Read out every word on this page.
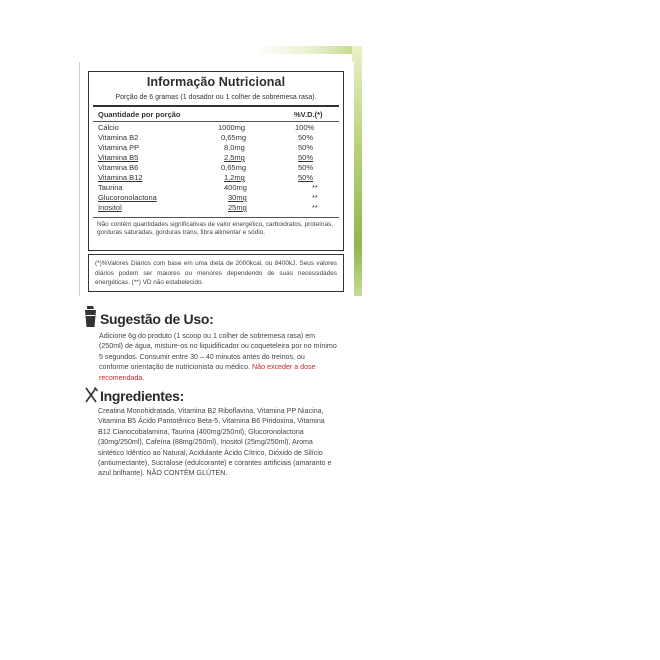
Informação Nutricional
Porção de 6 gramas (1 dosador ou 1 colher de sobremesa rasa).
Quantidade por porção	%V.D.(*)
Cálcio	1000mg	100%
Vitamina B2	0,65mg	50%
Vitamina PP	8,0mg	50%
Vitamina B5	2,5mg	50%
Vitamina B6	0,65mg	50%
Vitamina B12	1,2mg	50%
Taurina	400mg	**
Glucoronolactona	30mg	**
Inositol	25mg	**
Não contém quantidades significativas de valor energético, carboidratos, proteínas, gorduras saturadas, gorduras trans, fibra alimentar e sódio.
(*)%Valores Diários com base em uma dieta de 2000kcal, ou 8400kJ. Seus valores diários podem ser maiores ou menores dependendo de suas necessidades energéticas. (**) VD não estabelecido.
Sugestão de Uso:
Adicione 6g do produto (1 scoop ou 1 colher de sobremesa rasa) em
(250ml) de água, misture-os no liquidificador ou coqueteleira por no mínimo
5 segundos. Consumir entre 30 – 40 minutos antes do treinos, ou
conforme orientação de nutricionista ou médico. Não exceder a dose
recomendada.
Ingredientes:
Creatina Monohidratada, Vitamina B2 Riboflavina, Vitamina PP Niacina,
Vitamina B5 Ácido Pantotênico Beta-5, Vitamina B6 Piridoxina, Vitamina
B12 Cianocobalamina, Taurina (400mg/250ml), Glucoronolactona
(30mg/250ml), Cafeína (88mg/250ml), Inositol (25mg/250ml), Aroma
sintético Idêntico ao Natural, Acidulante Ácido Cítrico, Dióxido de Silício
(antiumectante), Sucralose (edulcorante) e corantes artificiais (amaranto e
azul brilhante). NÃO CONTÉM GLÚTEN.
